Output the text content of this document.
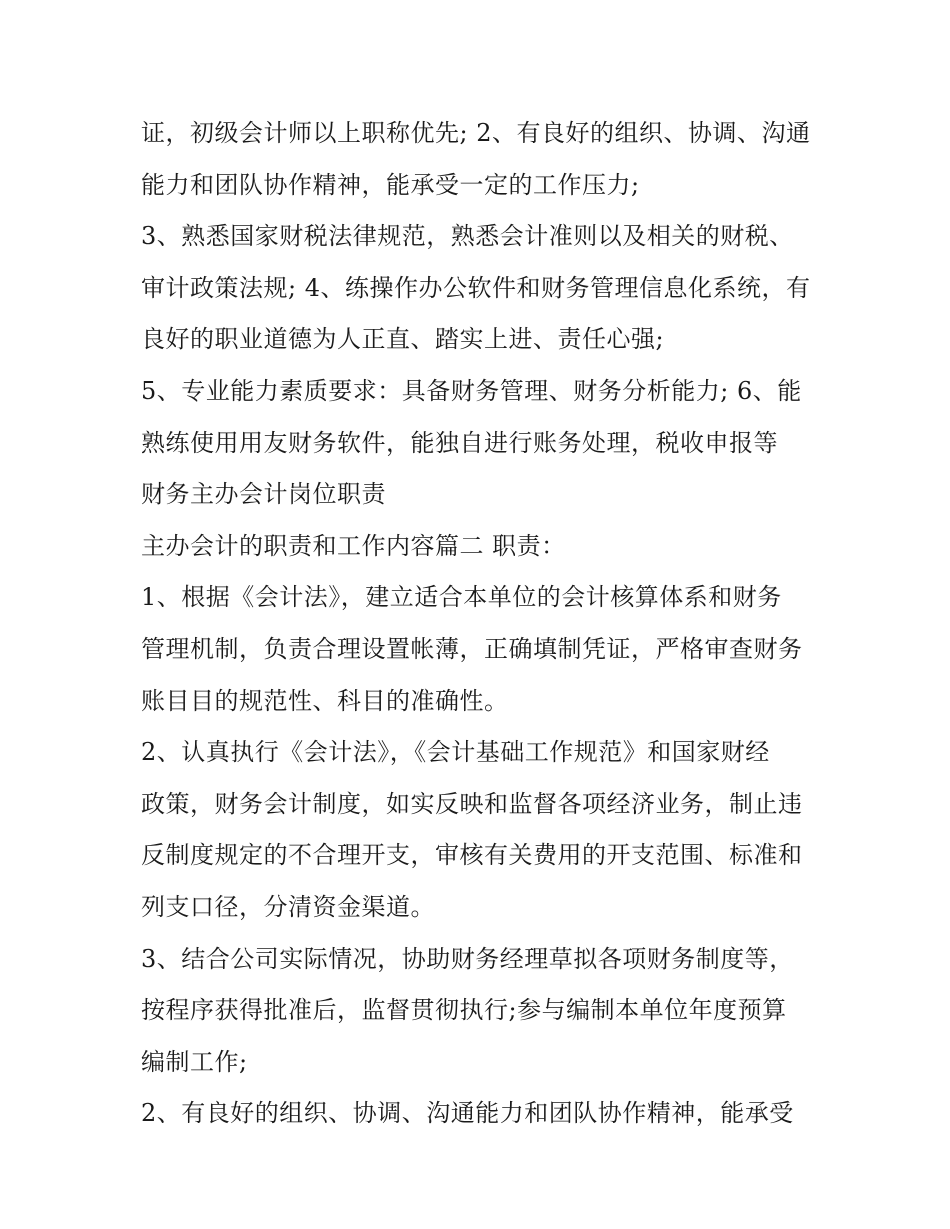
证，初级会计师以上职称优先; 2、有良好的组织、协调、沟通

能力和团队协作精神，能承受一定的工作压力;

3、熟悉国家财税法律规范，熟悉会计准则以及相关的财税、

审计政策法规; 4、练操作办公软件和财务管理信息化系统，有

良好的职业道德为人正直、踏实上进、责任心强;

5、专业能力素质要求：具备财务管理、财务分析能力; 6、能

熟练使用用友财务软件，能独自进行账务处理，税收申报等

财务主办会计岗位职责

主办会计的职责和工作内容篇二 职责：

1、根据《会计法》，建立适合本单位的会计核算体系和财务

管理机制，负责合理设置帐薄，正确填制凭证，严格审查财务

账目目的规范性、科目的准确性。

2、认真执行《会计法》，《会计基础工作规范》和国家财经

政策，财务会计制度，如实反映和监督各项经济业务，制止违

反制度规定的不合理开支，审核有关费用的开支范围、标准和

列支口径，分清资金渠道。

3、结合公司实际情况，协助财务经理草拟各项财务制度等，

按程序获得批准后，监督贯彻执行;参与编制本单位年度预算

编制工作;

2、有良好的组织、协调、沟通能力和团队协作精神，能承受
